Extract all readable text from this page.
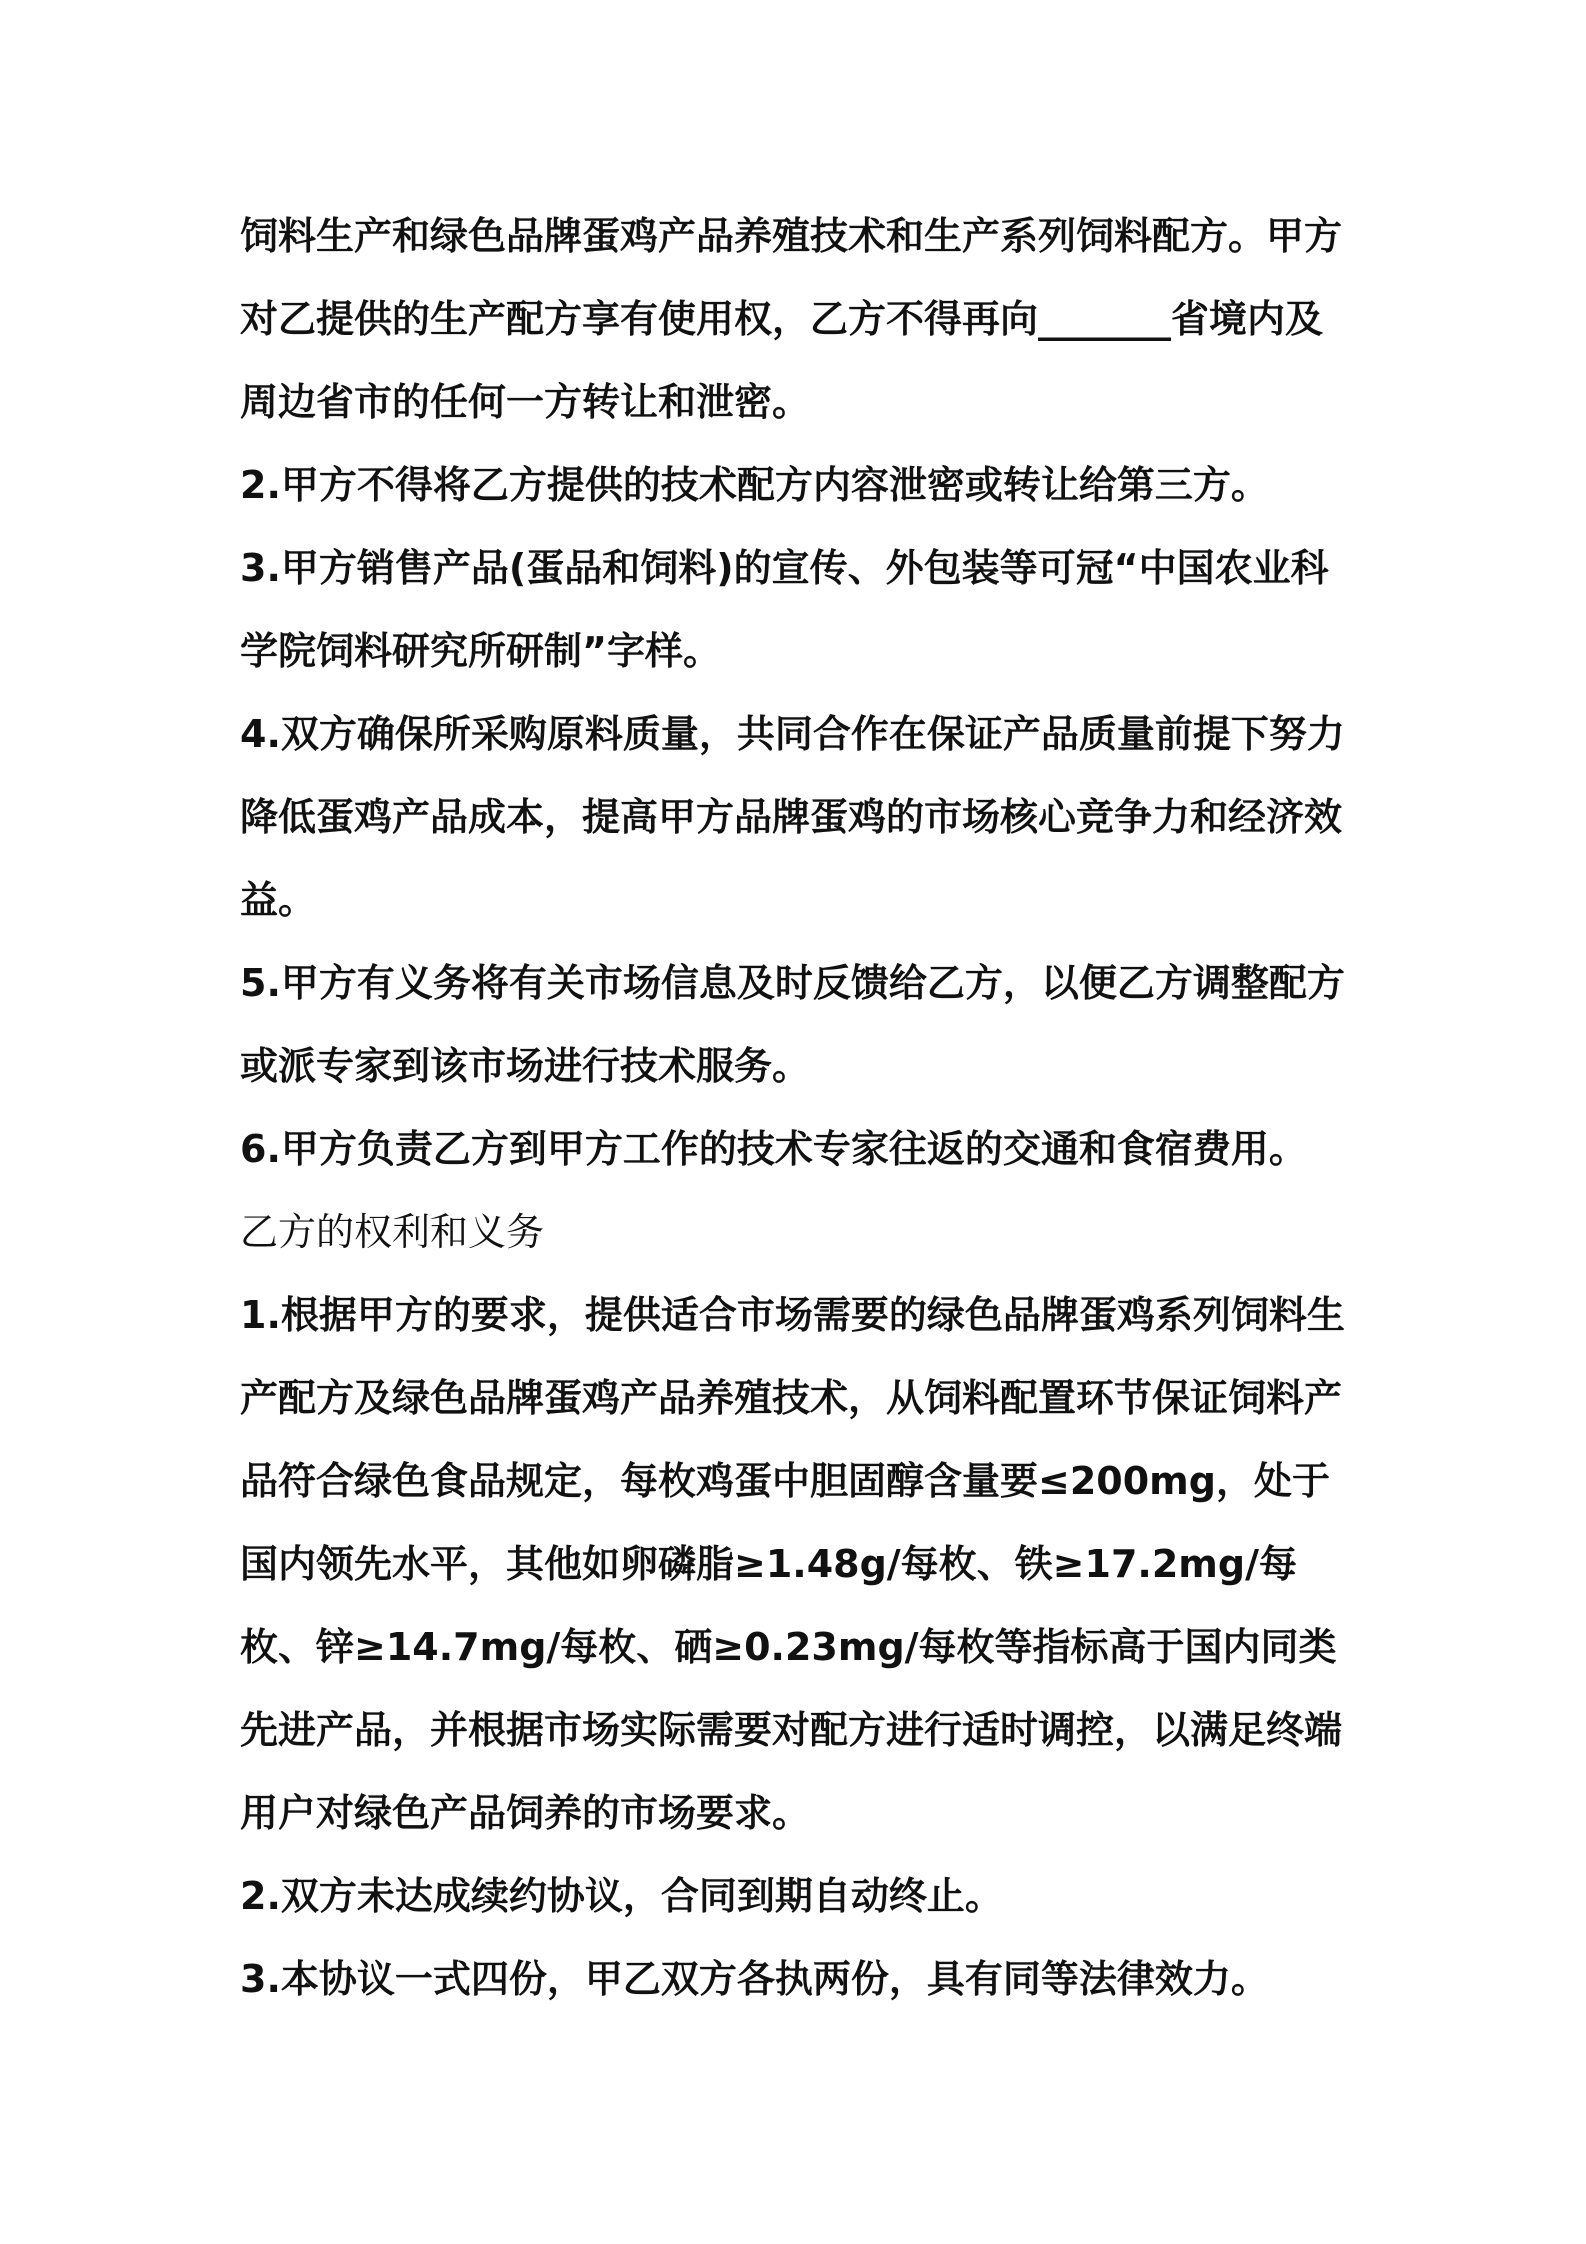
饲料生产和绿色品牌蛋鸡产品养殖技术和生产系列饲料配方。甲方对乙提供的生产配方享有使用权，乙方不得再向_______省境内及周边省市的任何一方转让和泄密。

2.甲方不得将乙方提供的技术配方内容泄密或转让给第三方。

3.甲方销售产品(蛋品和饲料)的宣传、外包装等可冠“中国农业科学院饲料研究所研制”字样。

4.双方确保所采购原料质量，共同合作在保证产品质量前提下努力降低蛋鸡产品成本，提高甲方品牌蛋鸡的市场核心竞争力和经济效益。

5.甲方有义务将有关市场信息及时反馈给乙方，以便乙方调整配方或派专家到该市场进行技术服务。

6.甲方负责乙方到甲方工作的技术专家往返的交通和食宿费用。

乙方的权利和义务

1.根据甲方的要求，提供适合市场需要的绿色品牌蛋鸡系列饲料生产配方及绿色品牌蛋鸡产品养殖技术，从饲料配置环节保证饲料产品符合绿色食品规定，每枚鸡蛋中胆固醇含量要≤200mg，处于国内领先水平，其他如卵磷脂≥1.48g/每枚、铁≥17.2mg/每枚、锌≥14.7mg/每枚、硒≥0.23mg/每枚等指标高于国内同类先进产品，并根据市场实际需要对配方进行适时调控，以满足终端用户对绿色产品饲养的市场要求。

2.双方未达成续约协议，合同到期自动终止。

3.本协议一式四份，甲乙双方各执两份，具有同等法律效力。
